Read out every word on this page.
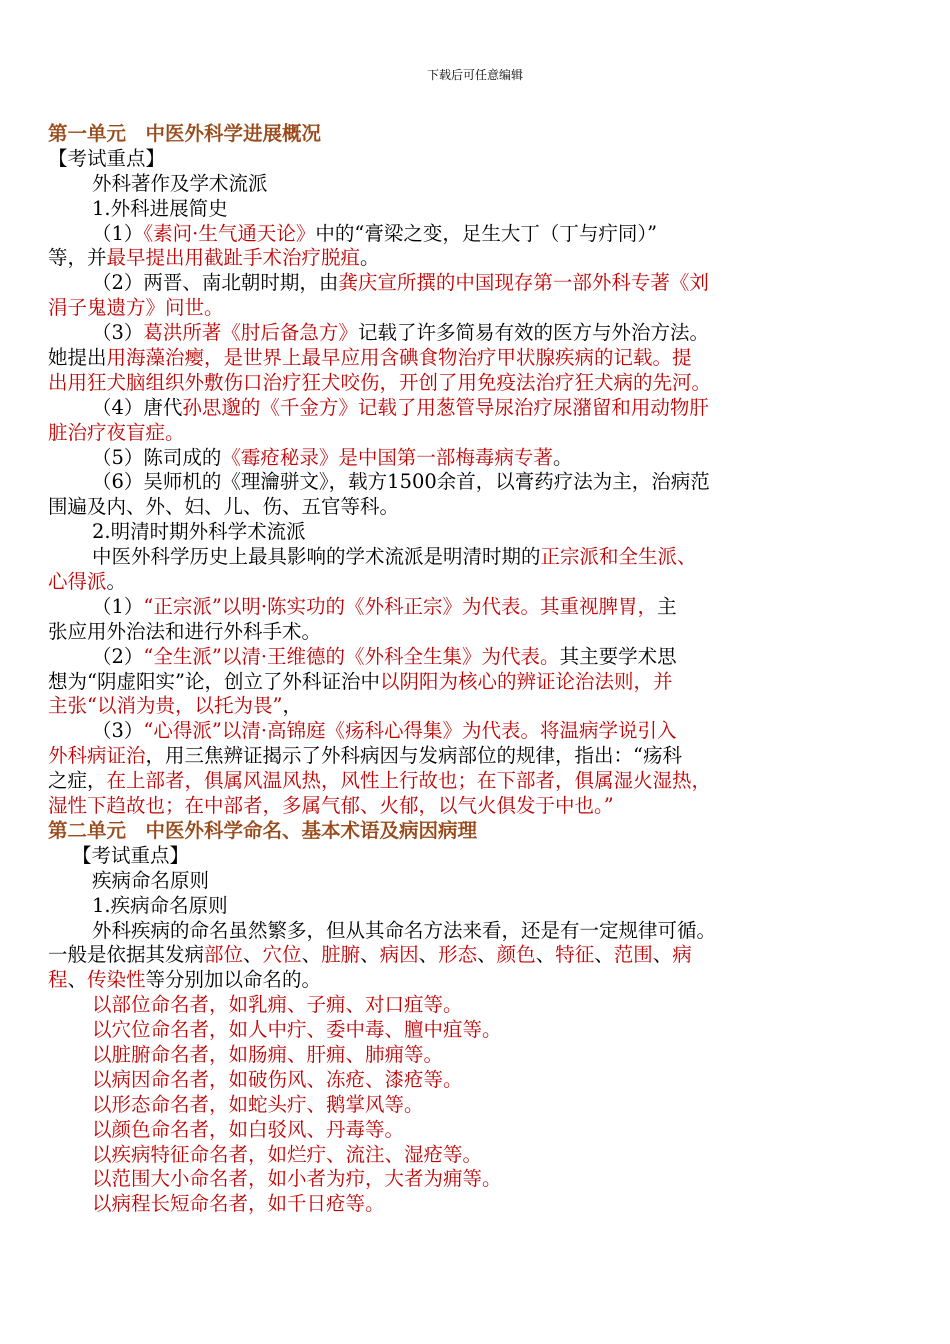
下载后可任意编辑
第一单元　中医外科学进展概况
【考试重点】
外科著作及学术流派
1.外科进展简史
（1）《素问·生气通天论》中的“膏梁之变，足生大丁（丁与疔同）”
等，并最早提出用截趾手术治疗脱疽。
（2）两晋、南北朝时期，由龚庆宣所撰的中国现存第一部外科专著《刘
涓子鬼遗方》问世。
（3）葛洪所著《肘后备急方》记载了许多简易有效的医方与外治方法。
她提出用海藻治瘿，是世界上最早应用含碘食物治疗甲状腺疾病的记载。提
出用狂犬脑组织外敷伤口治疗狂犬咬伤，开创了用免疫法治疗狂犬病的先河。
（4）唐代孙思邈的《千金方》记载了用葱管导尿治疗尿潴留和用动物肝
脏治疗夜盲症。
（5）陈司成的《霉疮秘录》是中国第一部梅毒病专著。
（6）吴师机的《理瀹骈文》，载方1500余首，以膏药疗法为主，治病范
围遍及内、外、妇、儿、伤、五官等科。
2.明清时期外科学术流派
中医外科学历史上最具影响的学术流派是明清时期的正宗派和全生派、
心得派。
（1）“正宗派”以明·陈实功的《外科正宗》为代表。其重视脾胃，主
张应用外治法和进行外科手术。
（2）“全生派”以清·王维德的《外科全生集》为代表。其主要学术思
想为“阴虚阳实”论，创立了外科证治中以阴阳为核心的辨证论治法则，并
主张“以消为贵，以托为畏”，
（3）“心得派”以清·高锦庭《疡科心得集》为代表。将温病学说引入
外科病证治，用三焦辨证揭示了外科病因与发病部位的规律，指出：“疡科
之症，在上部者，俱属风温风热，风性上行故也；在下部者，俱属湿火湿热，
湿性下趋故也；在中部者，多属气郁、火郁，以气火俱发于中也。”
第二单元　中医外科学命名、基本术语及病因病理
【考试重点】
疾病命名原则
1.疾病命名原则
外科疾病的命名虽然繁多，但从其命名方法来看，还是有一定规律可循。
一般是依据其发病部位、穴位、脏腑、病因、形态、颜色、特征、范围、病
程、传染性等分别加以命名的。
以部位命名者，如乳痈、子痈、对口疽等。
以穴位命名者，如人中疔、委中毒、膻中疽等。
以脏腑命名者，如肠痈、肝痈、肺痈等。
以病因命名者，如破伤风、冻疮、漆疮等。
以形态命名者，如蛇头疔、鹅掌风等。
以颜色命名者，如白驳风、丹毒等。
以疾病特征命名者，如烂疔、流注、湿疮等。
以范围大小命名者，如小者为疖，大者为痈等。
以病程长短命名者，如千日疮等。
